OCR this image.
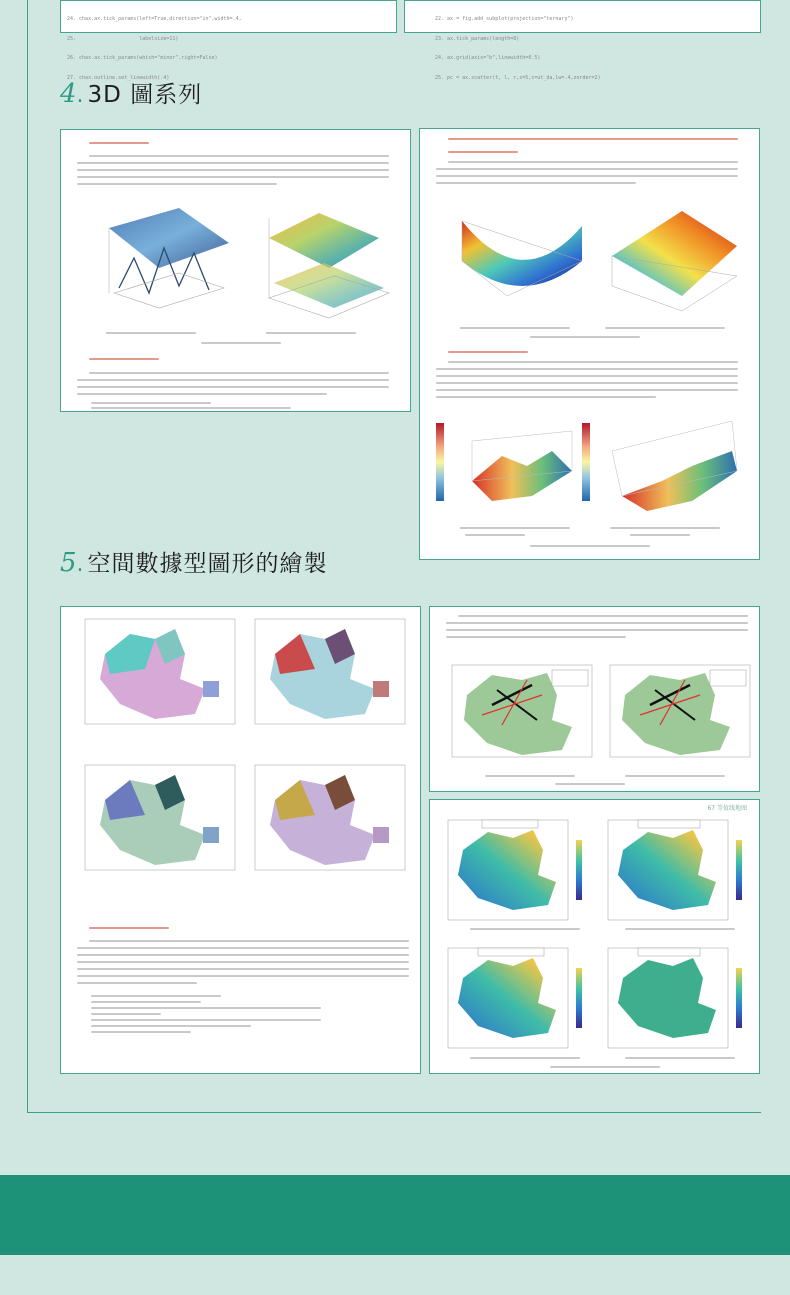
24. chax.ax.tick_params(left=True,direction="in",width=.4,

25.                     labelsize=11)

26. chax.ax.tick_params(which="minor",right=False)

27. chax.outline.set_linewidth(.4)

22. ax = fig.add_subplot(projection="ternary")

23. ax.tick_params(length=8)

24. ax.grid(axis="b",linewidth=0.5)

25. pc = ax.scatter(t, l, r,s=5,c=ut_da,lw=.4,zorder=2)

4 . 3D 圖系列
5 . 空間數據型圖形的繪製
67 等值线地图
